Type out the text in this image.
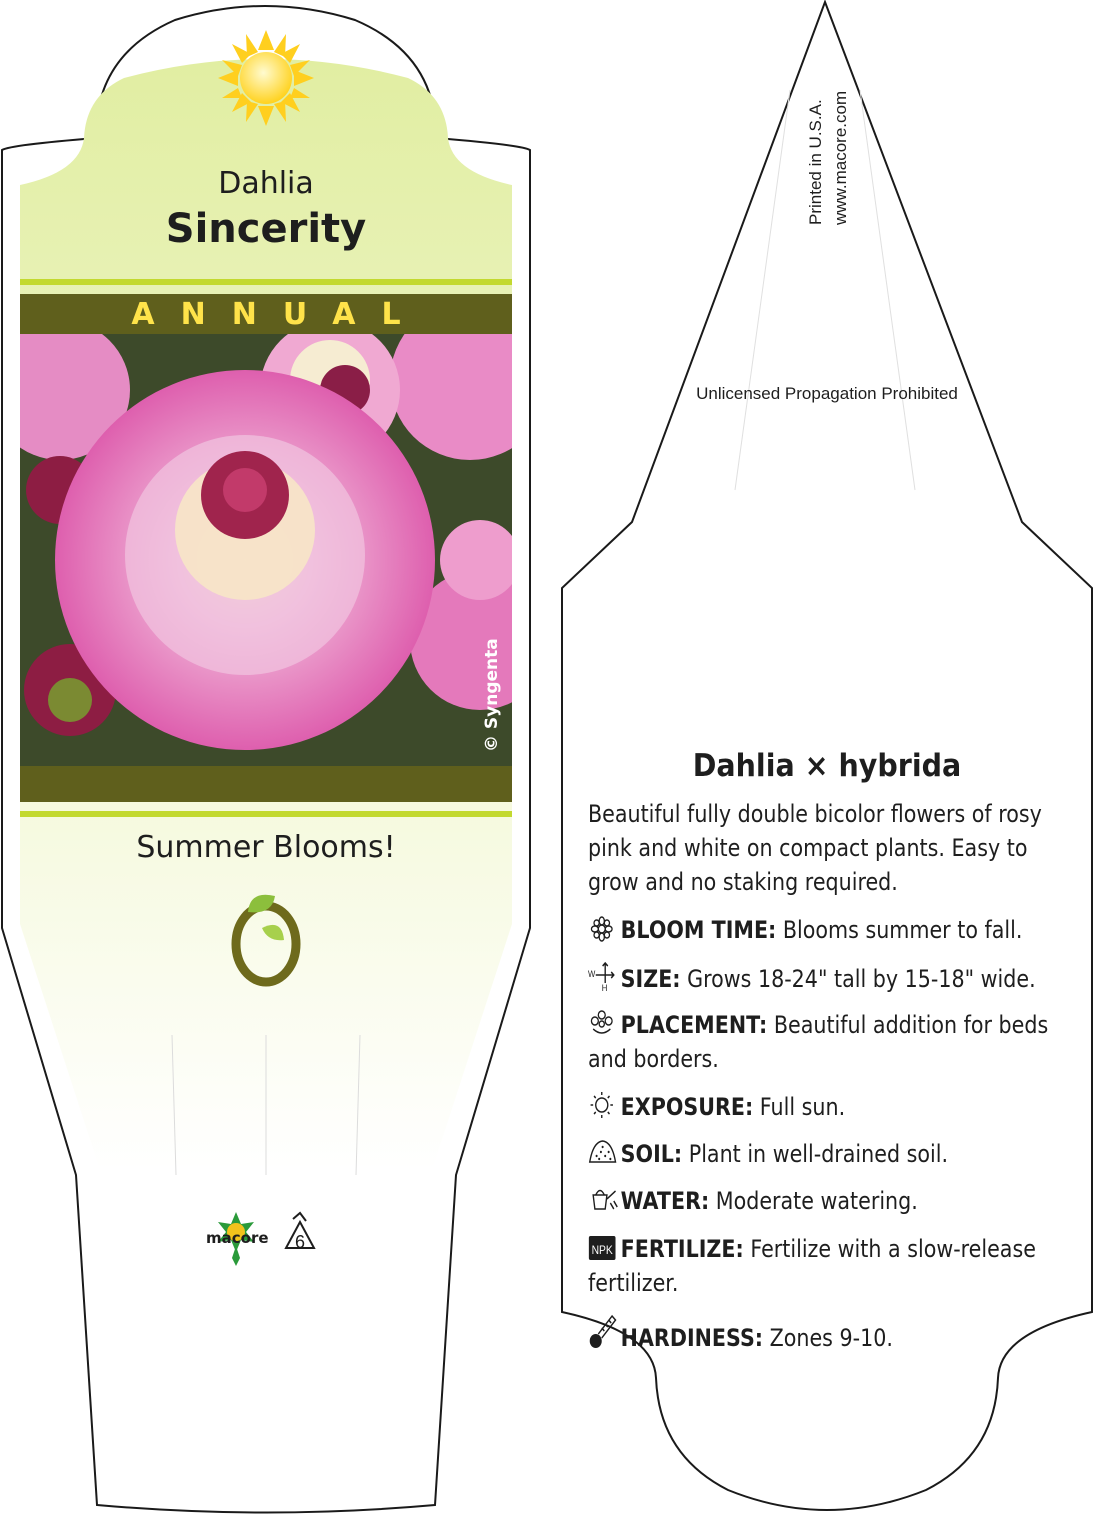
Dahlia
Sincerity
ANNUAL
© Syngenta
Summer Blooms!
macore 6
Printed in U.S.A. www.macore.com
Unlicensed Propagation Prohibited
Dahlia × hybrida
Beautiful fully double bicolor flowers of rosy pink and white on compact plants. Easy to grow and no staking required.
BLOOM TIME: Blooms summer to fall.
W
H SIZE: Grows 18-24" tall by 15-18" wide.
PLACEMENT: Beautiful addition for beds and borders.
EXPOSURE: Full sun.
SOIL: Plant in well-drained soil.
WATER: Moderate watering.
NPK FERTILIZE: Fertilize with a slow-release fertilizer.
HARDINESS: Zones 9-10.
